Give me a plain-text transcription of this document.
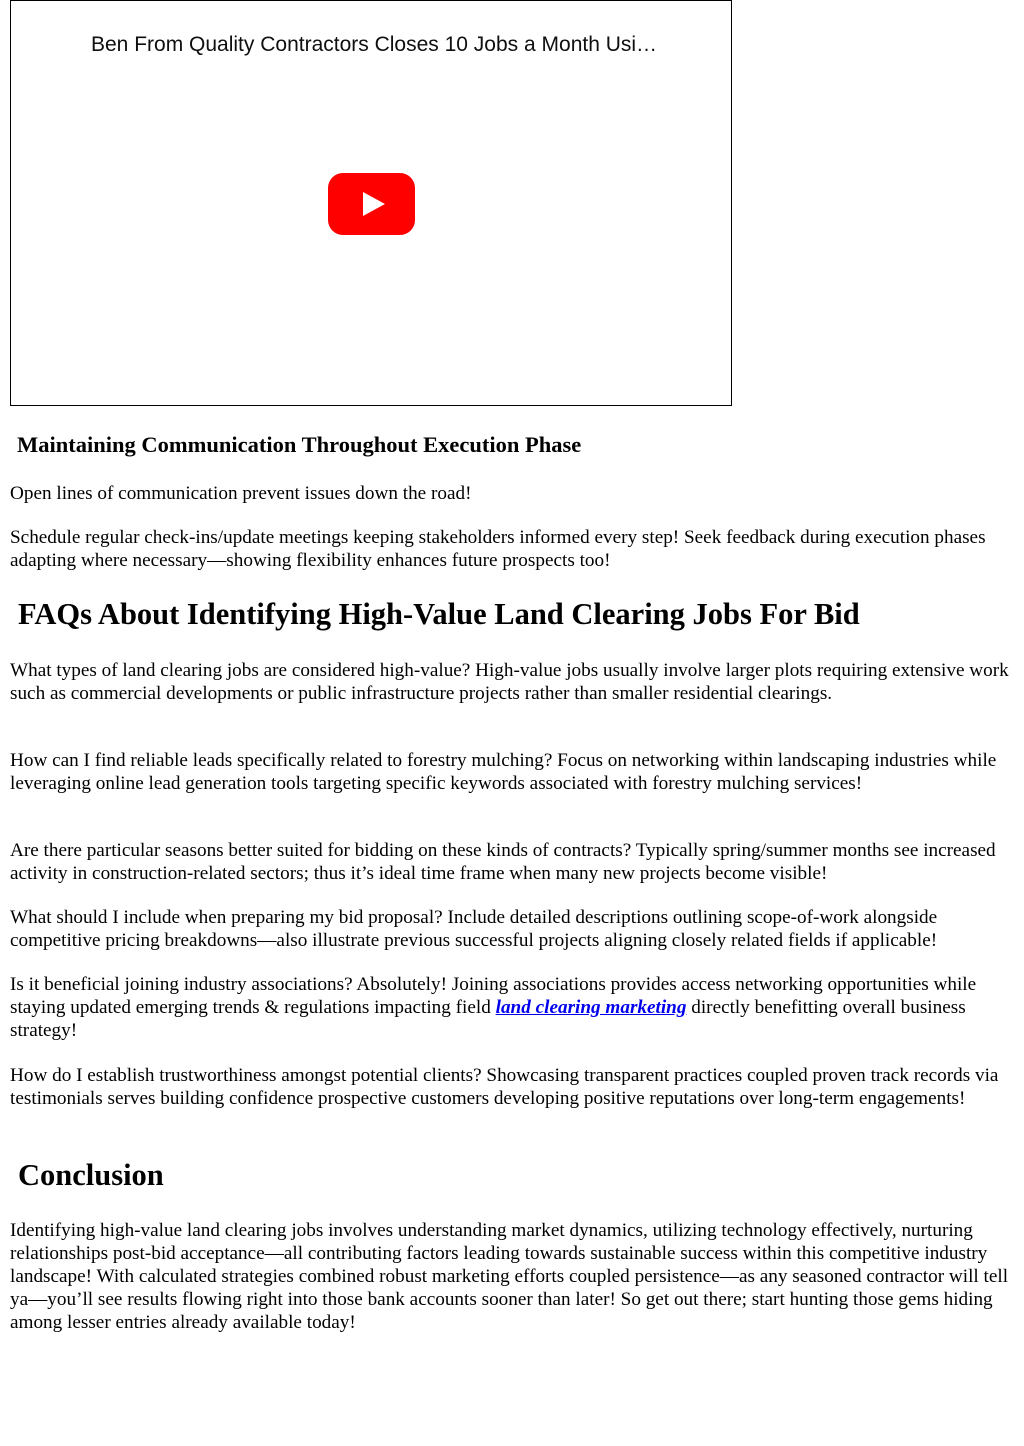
Ben From Quality Contractors Closes 10 Jobs a Month Usi…
Maintaining Communication Throughout Execution Phase

Open lines of communication prevent issues down the road!

Schedule regular check-ins/update meetings keeping stakeholders informed every step! Seek feedback during execution phases adapting where necessary—showing flexibility enhances future prospects too!

FAQs About Identifying High-Value Land Clearing Jobs For Bid

What types of land clearing jobs are considered high-value? High-value jobs usually involve larger plots requiring extensive work such as commercial developments or public infrastructure projects rather than smaller residential clearings.

How can I find reliable leads specifically related to forestry mulching? Focus on networking within landscaping industries while leveraging online lead generation tools targeting specific keywords associated with forestry mulching services!

Are there particular seasons better suited for bidding on these kinds of contracts? Typically spring/summer months see increased activity in construction-related sectors; thus it’s ideal time frame when many new projects become visible!

What should I include when preparing my bid proposal? Include detailed descriptions outlining scope-of-work alongside competitive pricing breakdowns—also illustrate previous successful projects aligning closely related fields if applicable!

Is it beneficial joining industry associations? Absolutely! Joining associations provides access networking opportunities while staying updated emerging trends & regulations impacting field land clearing marketing directly benefitting overall business strategy!

How do I establish trustworthiness amongst potential clients? Showcasing transparent practices coupled proven track records via testimonials serves building confidence prospective customers developing positive reputations over long-term engagements!

Conclusion

Identifying high-value land clearing jobs involves understanding market dynamics, utilizing technology effectively, nurturing relationships post-bid acceptance—all contributing factors leading towards sustainable success within this competitive industry landscape! With calculated strategies combined robust marketing efforts coupled persistence—as any seasoned contractor will tell ya—you’ll see results flowing right into those bank accounts sooner than later! So get out there; start hunting those gems hiding among lesser entries already available today!
